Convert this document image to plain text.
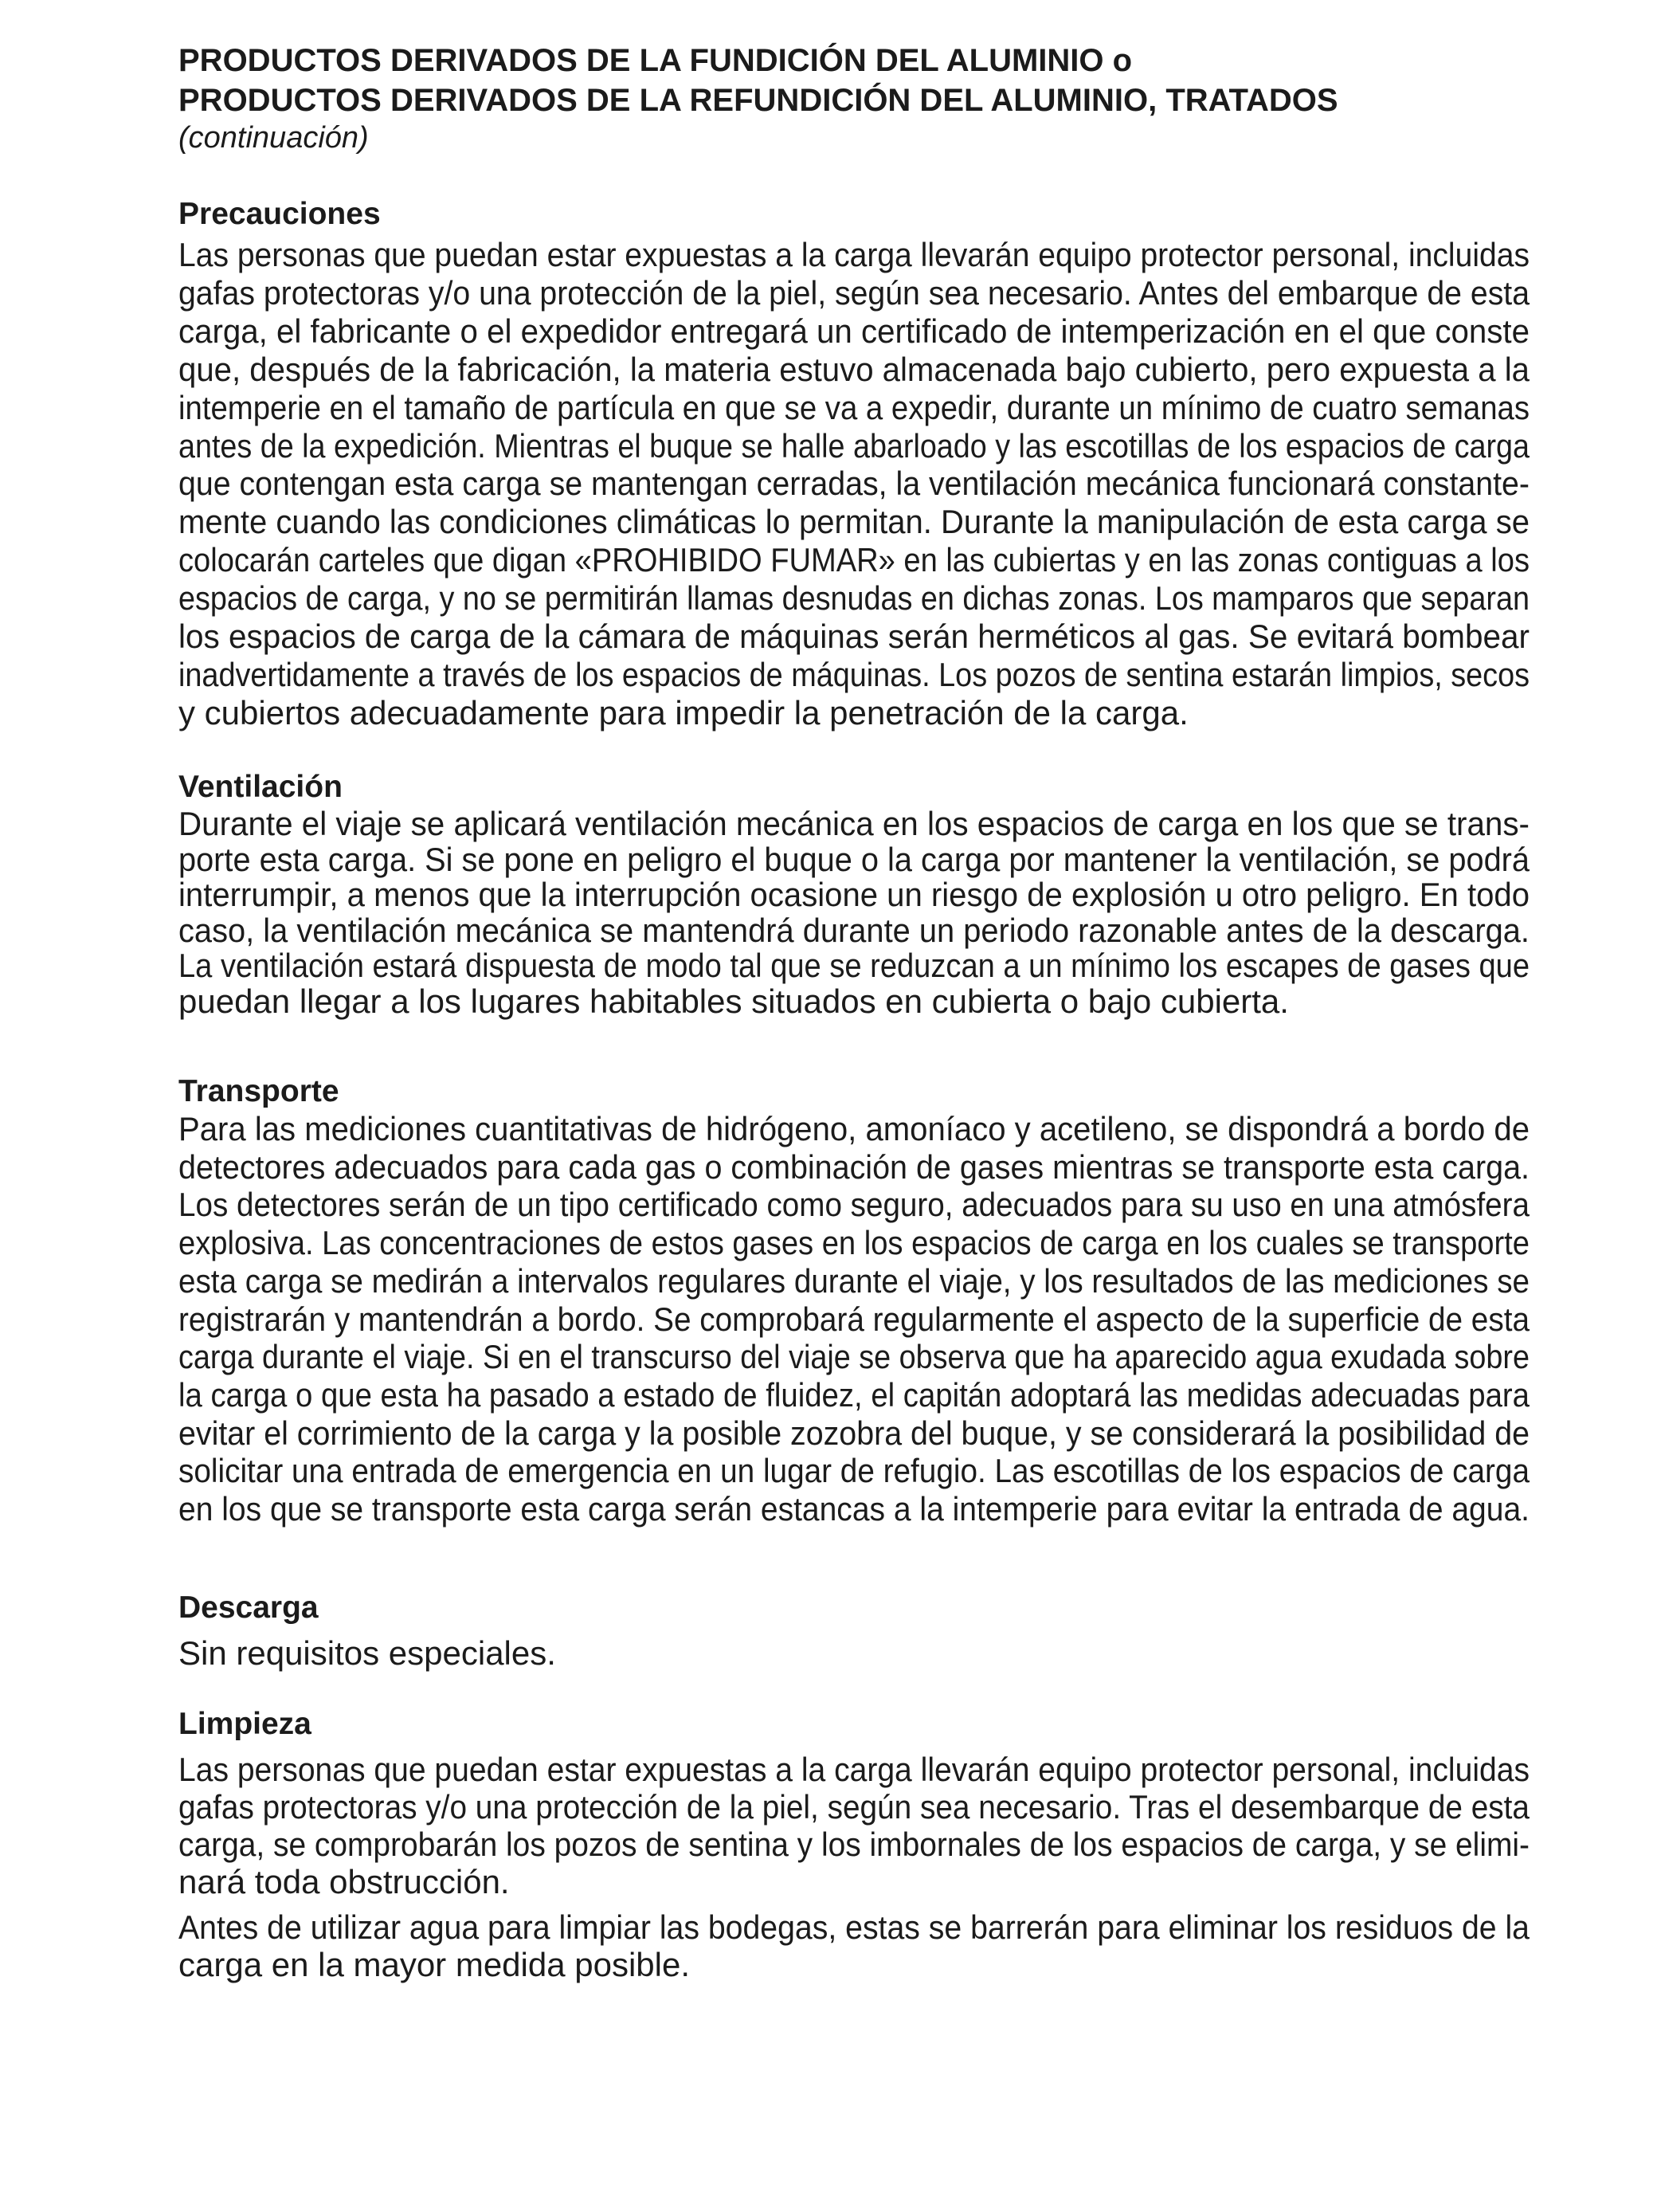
PRODUCTOS DERIVADOS DE LA FUNDICIÓN DEL ALUMINIO o
PRODUCTOS DERIVADOS DE LA REFUNDICIÓN DEL ALUMINIO, TRATADOS
(continuación)
Precauciones
Las personas que puedan estar expuestas a la carga llevarán equipo protector personal, incluidas
gafas protectoras y/o una protección de la piel, según sea necesario. Antes del embarque de esta
carga, el fabricante o el expedidor entregará un certificado de intemperización en el que conste
que, después de la fabricación, la materia estuvo almacenada bajo cubierto, pero expuesta a la
intemperie en el tamaño de partícula en que se va a expedir, durante un mínimo de cuatro semanas
antes de la expedición. Mientras el buque se halle abarloado y las escotillas de los espacios de carga
que contengan esta carga se mantengan cerradas, la ventilación mecánica funcionará constante-
mente cuando las condiciones climáticas lo permitan. Durante la manipulación de esta carga se
colocarán carteles que digan «PROHIBIDO FUMAR» en las cubiertas y en las zonas contiguas a los
espacios de carga, y no se permitirán llamas desnudas en dichas zonas. Los mamparos que separan
los espacios de carga de la cámara de máquinas serán herméticos al gas. Se evitará bombear
inadvertidamente a través de los espacios de máquinas. Los pozos de sentina estarán limpios, secos
y cubiertos adecuadamente para impedir la penetración de la carga.
Ventilación
Durante el viaje se aplicará ventilación mecánica en los espacios de carga en los que se trans-
porte esta carga. Si se pone en peligro el buque o la carga por mantener la ventilación, se podrá
interrumpir, a menos que la interrupción ocasione un riesgo de explosión u otro peligro. En todo
caso, la ventilación mecánica se mantendrá durante un periodo razonable antes de la descarga.
La ventilación estará dispuesta de modo tal que se reduzcan a un mínimo los escapes de gases que
puedan llegar a los lugares habitables situados en cubierta o bajo cubierta.
Transporte
Para las mediciones cuantitativas de hidrógeno, amoníaco y acetileno, se dispondrá a bordo de
detectores adecuados para cada gas o combinación de gases mientras se transporte esta carga.
Los detectores serán de un tipo certificado como seguro, adecuados para su uso en una atmósfera
explosiva. Las concentraciones de estos gases en los espacios de carga en los cuales se transporte
esta carga se medirán a intervalos regulares durante el viaje, y los resultados de las mediciones se
registrarán y mantendrán a bordo. Se comprobará regularmente el aspecto de la superficie de esta
carga durante el viaje. Si en el transcurso del viaje se observa que ha aparecido agua exudada sobre
la carga o que esta ha pasado a estado de fluidez, el capitán adoptará las medidas adecuadas para
evitar el corrimiento de la carga y la posible zozobra del buque, y se considerará la posibilidad de
solicitar una entrada de emergencia en un lugar de refugio. Las escotillas de los espacios de carga
en los que se transporte esta carga serán estancas a la intemperie para evitar la entrada de agua.
Descarga
Sin requisitos especiales.
Limpieza
Las personas que puedan estar expuestas a la carga llevarán equipo protector personal, incluidas
gafas protectoras y/o una protección de la piel, según sea necesario. Tras el desembarque de esta
carga, se comprobarán los pozos de sentina y los imbornales de los espacios de carga, y se elimi-
nará toda obstrucción.
Antes de utilizar agua para limpiar las bodegas, estas se barrerán para eliminar los residuos de la
carga en la mayor medida posible.
